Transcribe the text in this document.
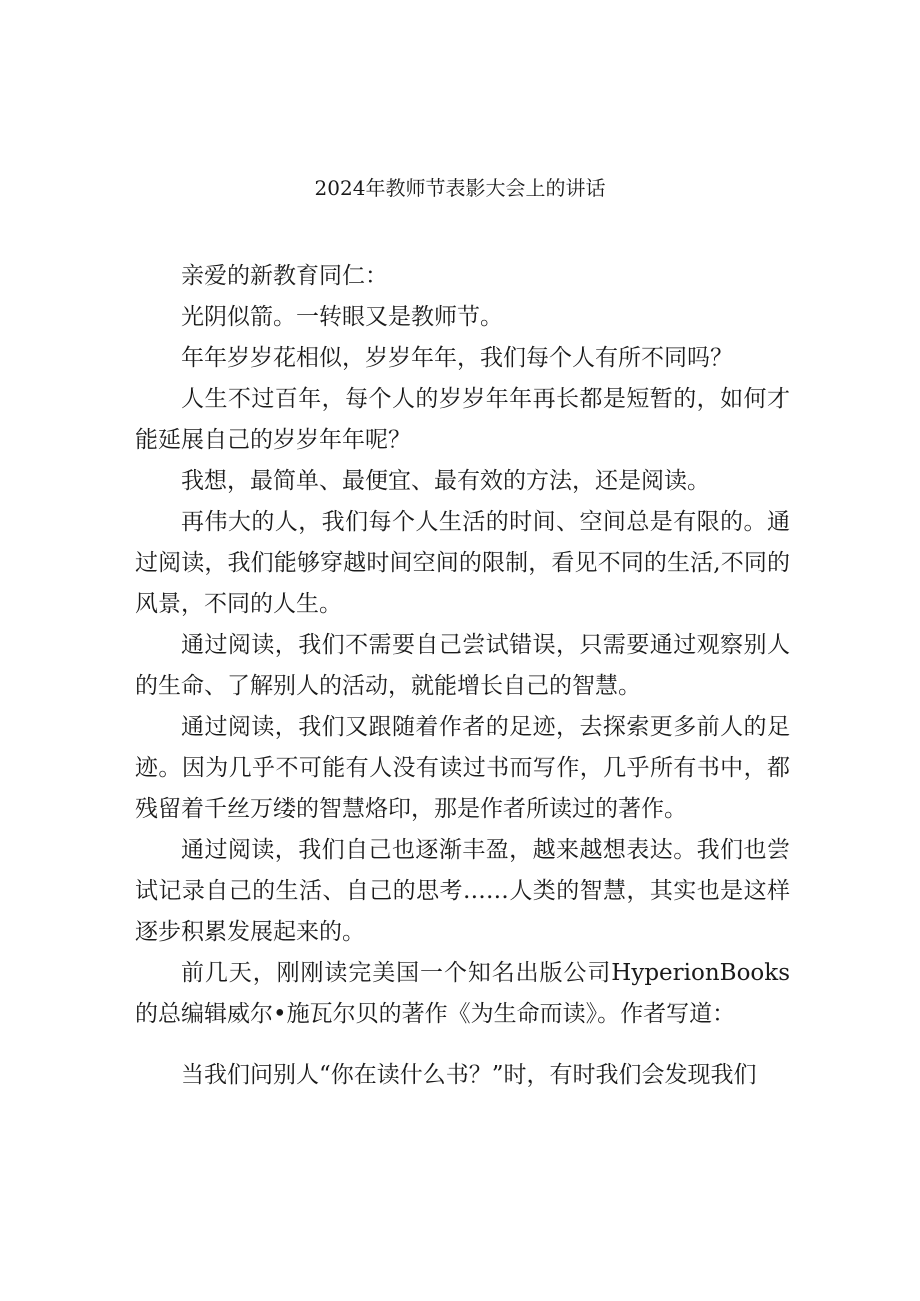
2024年教师节表影大会上的讲话

亲爱的新教育同仁：

光阴似箭。一转眼又是教师节。

年年岁岁花相似，岁岁年年，我们每个人有所不同吗？

人生不过百年，每个人的岁岁年年再长都是短暂的，如何才能延展自己的岁岁年年呢？

我想，最简单、最便宜、最有效的方法，还是阅读。

再伟大的人，我们每个人生活的时间、空间总是有限的。通过阅读，我们能够穿越时间空间的限制，看见不同的生活,不同的风景，不同的人生。

通过阅读，我们不需要自己尝试错误，只需要通过观察别人的生命、了解别人的活动，就能增长自己的智慧。

通过阅读，我们又跟随着作者的足迹，去探索更多前人的足迹。因为几乎不可能有人没有读过书而写作，几乎所有书中，都残留着千丝万缕的智慧烙印，那是作者所读过的著作。

通过阅读，我们自己也逐渐丰盈，越来越想表达。我们也尝试记录自己的生活、自己的思考……人类的智慧，其实也是这样逐步积累发展起来的。

前几天，刚刚读完美国一个知名出版公司HyperionBooks的总编辑威尔•施瓦尔贝的著作《为生命而读》。作者写道：

当我们问别人“你在读什么书？”时，有时我们会发现我们
